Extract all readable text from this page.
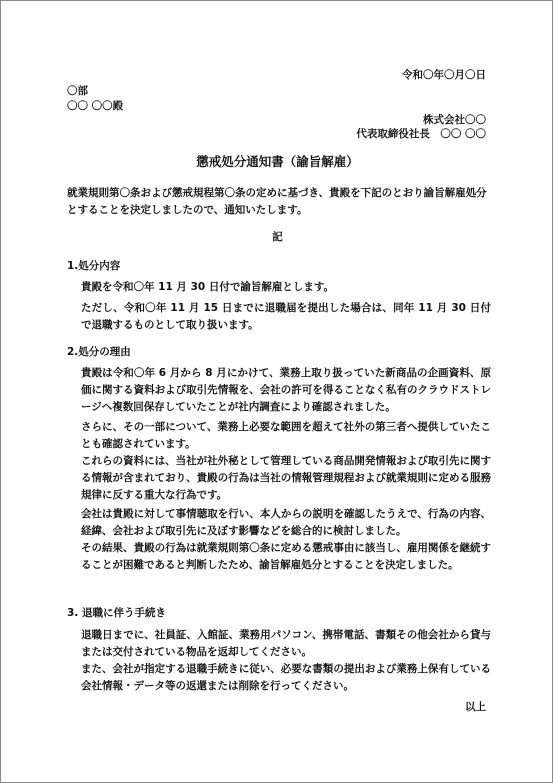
令和〇年〇月〇日
〇部
〇〇 〇〇殿
株式会社〇〇
代表取締役社長　〇〇 〇〇
懲戒処分通知書（諭旨解雇）
就業規則第〇条および懲戒規程第〇条の定めに基づき、貴殿を下記のとおり諭旨解雇処分とすることを決定しましたので、通知いたします。
記
1.処分内容
貴殿を令和〇年 11 月 30 日付で諭旨解雇とします。
ただし、令和〇年 11 月 15 日までに退職届を提出した場合は、同年 11 月 30 日付で退職するものとして取り扱います。
2.処分の理由
貴殿は令和〇年 6 月から 8 月にかけて、業務上取り扱っていた新商品の企画資料、原価に関する資料および取引先情報を、会社の許可を得ることなく私有のクラウドストレージへ複数回保存していたことが社内調査により確認されました。
さらに、その一部について、業務上必要な範囲を超えて社外の第三者へ提供していたことも確認されています。
これらの資料には、当社が社外秘として管理している商品開発情報および取引先に関する情報が含まれており、貴殿の行為は当社の情報管理規程および就業規則に定める服務規律に反する重大な行為です。
会社は貴殿に対して事情聴取を行い、本人からの説明を確認したうえで、行為の内容、経緯、会社および取引先に及ぼす影響などを総合的に検討しました。
その結果、貴殿の行為は就業規則第〇条に定める懲戒事由に該当し、雇用関係を継続することが困難であると判断したため、諭旨解雇処分とすることを決定しました。
3. 退職に伴う手続き
退職日までに、社員証、入館証、業務用パソコン、携帯電話、書類その他会社から貸与または交付されている物品を返却してください。
また、会社が指定する退職手続きに従い、必要な書類の提出および業務上保有している会社情報・データ等の返還または削除を行ってください。
以上
